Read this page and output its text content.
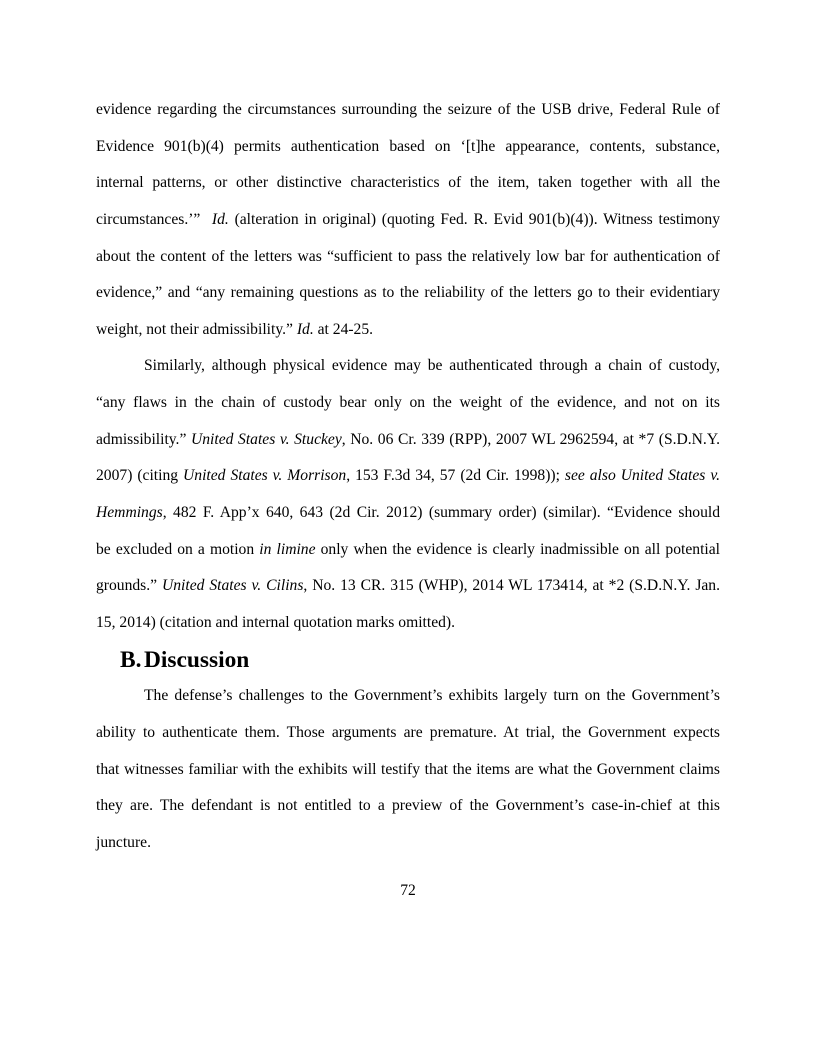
evidence regarding the circumstances surrounding the seizure of the USB drive, Federal Rule of
Evidence 901(b)(4) permits authentication based on ‘[t]he appearance, contents, substance,
internal patterns, or other distinctive characteristics of the item, taken together with all the
circumstances.’” Id. (alteration in original) (quoting Fed. R. Evid 901(b)(4)). Witness testimony
about the content of the letters was “sufficient to pass the relatively low bar for authentication of
evidence,” and “any remaining questions as to the reliability of the letters go to their evidentiary
weight, not their admissibility.” Id. at 24-25.

Similarly, although physical evidence may be authenticated through a chain of custody,
“any flaws in the chain of custody bear only on the weight of the evidence, and not on its
admissibility.” United States v. Stuckey, No. 06 Cr. 339 (RPP), 2007 WL 2962594, at *7 (S.D.N.Y.
2007) (citing United States v. Morrison, 153 F.3d 34, 57 (2d Cir. 1998)); see also United States v.
Hemmings, 482 F. App’x 640, 643 (2d Cir. 2012) (summary order) (similar). “Evidence should
be excluded on a motion in limine only when the evidence is clearly inadmissible on all potential
grounds.” United States v. Cilins, No. 13 CR. 315 (WHP), 2014 WL 173414, at *2 (S.D.N.Y. Jan.
15, 2014) (citation and internal quotation marks omitted).

B. Discussion

The defense’s challenges to the Government’s exhibits largely turn on the Government’s
ability to authenticate them. Those arguments are premature. At trial, the Government expects
that witnesses familiar with the exhibits will testify that the items are what the Government claims
they are. The defendant is not entitled to a preview of the Government’s case-in-chief at this
juncture.

72
